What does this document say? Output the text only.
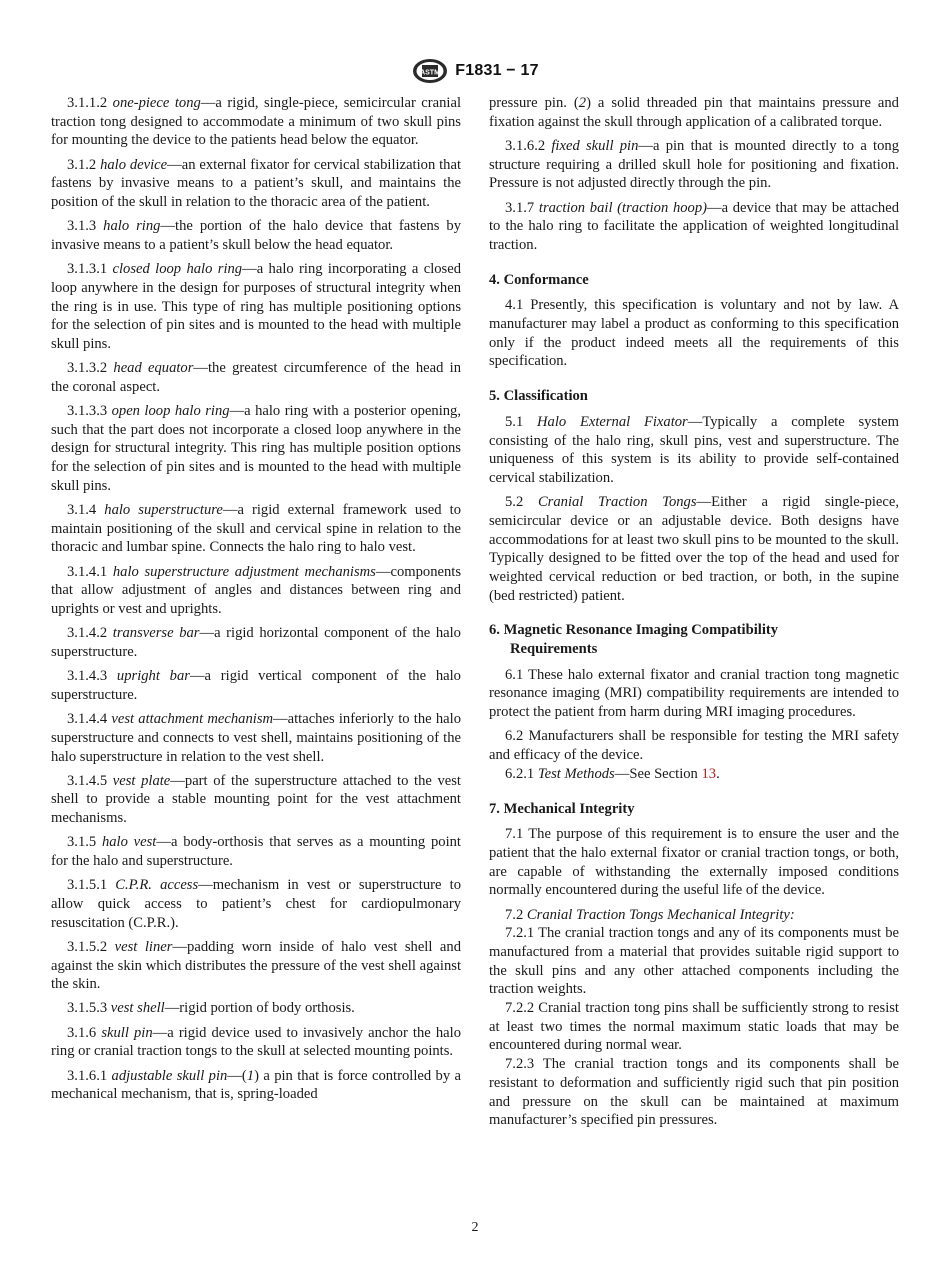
ASTM F1831 − 17

3.1.1.2 one-piece tong—a rigid, single-piece, semicircular cranial traction tong designed to accommodate a minimum of two skull pins for mounting the device to the patients head below the equator.

3.1.2 halo device—an external fixator for cervical stabilization that fastens by invasive means to a patient’s skull, and maintains the position of the skull in relation to the thoracic area of the patient.

3.1.3 halo ring—the portion of the halo device that fastens by invasive means to a patient’s skull below the head equator.

3.1.3.1 closed loop halo ring—a halo ring incorporating a closed loop anywhere in the design for purposes of structural integrity when the ring is in use. This type of ring has multiple positioning options for the selection of pin sites and is mounted to the head with multiple skull pins.

3.1.3.2 head equator—the greatest circumference of the head in the coronal aspect.

3.1.3.3 open loop halo ring—a halo ring with a posterior opening, such that the part does not incorporate a closed loop anywhere in the design for structural integrity. This ring has multiple position options for the selection of pin sites and is mounted to the head with multiple skull pins.

3.1.4 halo superstructure—a rigid external framework used to maintain positioning of the skull and cervical spine in relation to the thoracic and lumbar spine. Connects the halo ring to halo vest.

3.1.4.1 halo superstructure adjustment mechanisms—components that allow adjustment of angles and distances between ring and uprights or vest and uprights.

3.1.4.2 transverse bar—a rigid horizontal component of the halo superstructure.

3.1.4.3 upright bar—a rigid vertical component of the halo superstructure.

3.1.4.4 vest attachment mechanism—attaches inferiorly to the halo superstructure and connects to vest shell, maintains positioning of the halo superstructure in relation to the vest shell.

3.1.4.5 vest plate—part of the superstructure attached to the vest shell to provide a stable mounting point for the vest attachment mechanisms.

3.1.5 halo vest—a body-orthosis that serves as a mounting point for the halo and superstructure.

3.1.5.1 C.P.R. access—mechanism in vest or superstructure to allow quick access to patient’s chest for cardiopulmonary resuscitation (C.P.R.).

3.1.5.2 vest liner—padding worn inside of halo vest shell and against the skin which distributes the pressure of the vest shell against the skin.

3.1.5.3 vest shell—rigid portion of body orthosis.

3.1.6 skull pin—a rigid device used to invasively anchor the halo ring or cranial traction tongs to the skull at selected mounting points.

3.1.6.1 adjustable skull pin—(1) a pin that is force controlled by a mechanical mechanism, that is, spring-loaded

pressure pin. (2) a solid threaded pin that maintains pressure and fixation against the skull through application of a calibrated torque.

3.1.6.2 fixed skull pin—a pin that is mounted directly to a tong structure requiring a drilled skull hole for positioning and fixation. Pressure is not adjusted directly through the pin.

3.1.7 traction bail (traction hoop)—a device that may be attached to the halo ring to facilitate the application of weighted longitudinal traction.

4. Conformance

4.1 Presently, this specification is voluntary and not by law. A manufacturer may label a product as conforming to this specification only if the product indeed meets all the requirements of this specification.

5. Classification

5.1 Halo External Fixator—Typically a complete system consisting of the halo ring, skull pins, vest and superstructure. The uniqueness of this system is its ability to provide self-contained cervical stabilization.

5.2 Cranial Traction Tongs—Either a rigid single-piece, semicircular device or an adjustable device. Both designs have accommodations for at least two skull pins to be mounted to the skull. Typically designed to be fitted over the top of the head and used for weighted cervical reduction or bed traction, or both, in the supine (bed restricted) patient.

6. Magnetic Resonance Imaging Compatibility
Requirements

6.1 These halo external fixator and cranial traction tong magnetic resonance imaging (MRI) compatibility requirements are intended to protect the patient from harm during MRI imaging procedures.

6.2 Manufacturers shall be responsible for testing the MRI safety and efficacy of the device.

6.2.1 Test Methods—See Section 13.

7. Mechanical Integrity

7.1 The purpose of this requirement is to ensure the user and the patient that the halo external fixator or cranial traction tongs, or both, are capable of withstanding the externally imposed conditions normally encountered during the useful life of the device.

7.2 Cranial Traction Tongs Mechanical Integrity:

7.2.1 The cranial traction tongs and any of its components must be manufactured from a material that provides suitable rigid support to the skull pins and any other attached components including the traction weights.

7.2.2 Cranial traction tong pins shall be sufficiently strong to resist at least two times the normal maximum static loads that may be encountered during normal wear.

7.2.3 The cranial traction tongs and its components shall be resistant to deformation and sufficiently rigid such that pin position and pressure on the skull can be maintained at maximum manufacturer’s specified pin pressures.

2
